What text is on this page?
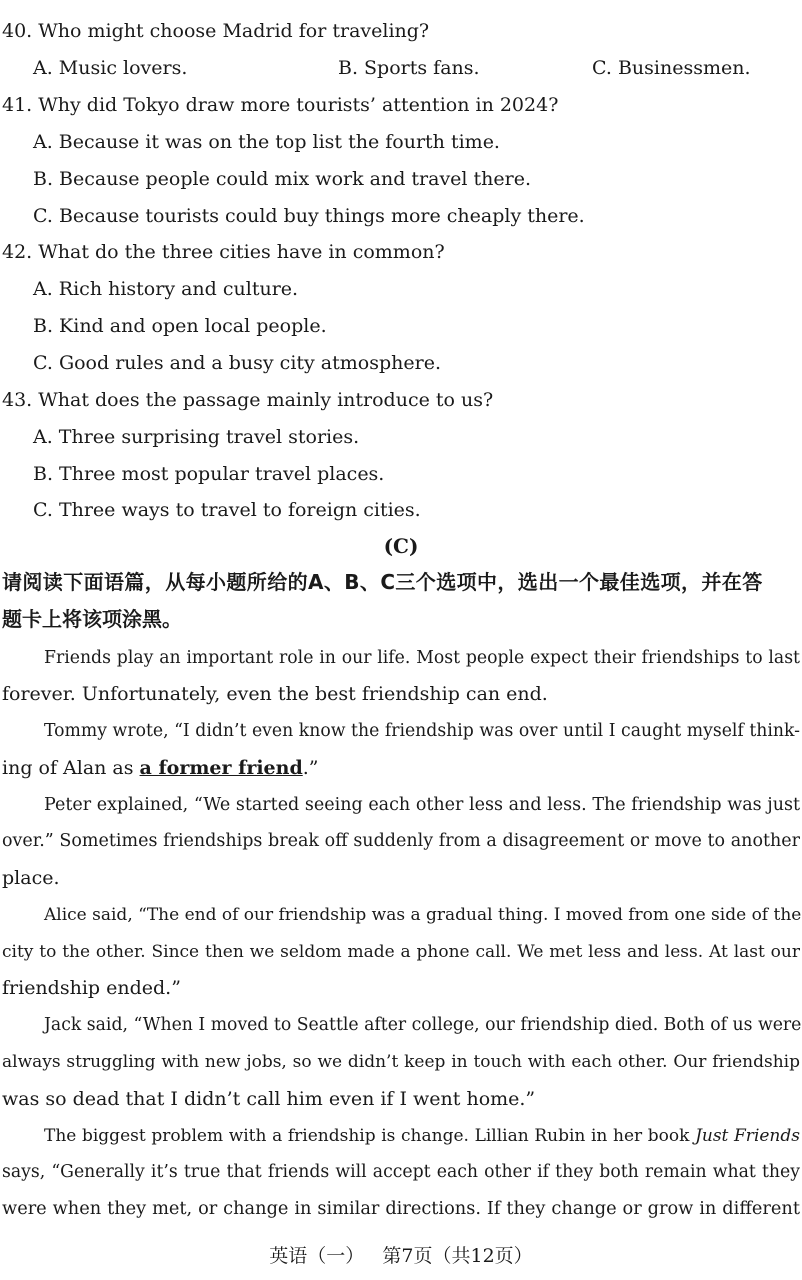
40. Who might choose Madrid for traveling?
A. Music lovers.	B. Sports fans.	C. Businessmen.
41. Why did Tokyo draw more tourists’ attention in 2024?
A. Because it was on the top list the fourth time.
B. Because people could mix work and travel there.
C. Because tourists could buy things more cheaply there.
42. What do the three cities have in common?
A. Rich history and culture.
B. Kind and open local people.
C. Good rules and a busy city atmosphere.
43. What does the passage mainly introduce to us?
A. Three surprising travel stories.
B. Three most popular travel places.
C. Three ways to travel to foreign cities.
(C)
请阅读下面语篇，从每小题所给的A、B、C三个选项中，选出一个最佳选项，并在答
题卡上将该项涂黑。
Friends play an important role in our life. Most people expect their friendships to last
forever. Unfortunately, even the best friendship can end.
Tommy wrote, “I didn’t even know the friendship was over until I caught myself think-
ing of Alan as a former friend.”
Peter explained, “We started seeing each other less and less. The friendship was just
over.” Sometimes friendships break off suddenly from a disagreement or move to another
place.
Alice said, “The end of our friendship was a gradual thing. I moved from one side of the
city to the other. Since then we seldom made a phone call. We met less and less. At last our
friendship ended.”
Jack said, “When I moved to Seattle after college, our friendship died. Both of us were
always struggling with new jobs, so we didn’t keep in touch with each other. Our friendship
was so dead that I didn’t call him even if I went home.”
The biggest problem with a friendship is change. Lillian Rubin in her book Just Friends
says, “Generally it’s true that friends will accept each other if they both remain what they
were when they met, or change in similar directions. If they change or grow in different
英语（一）   第7页（共12页）
